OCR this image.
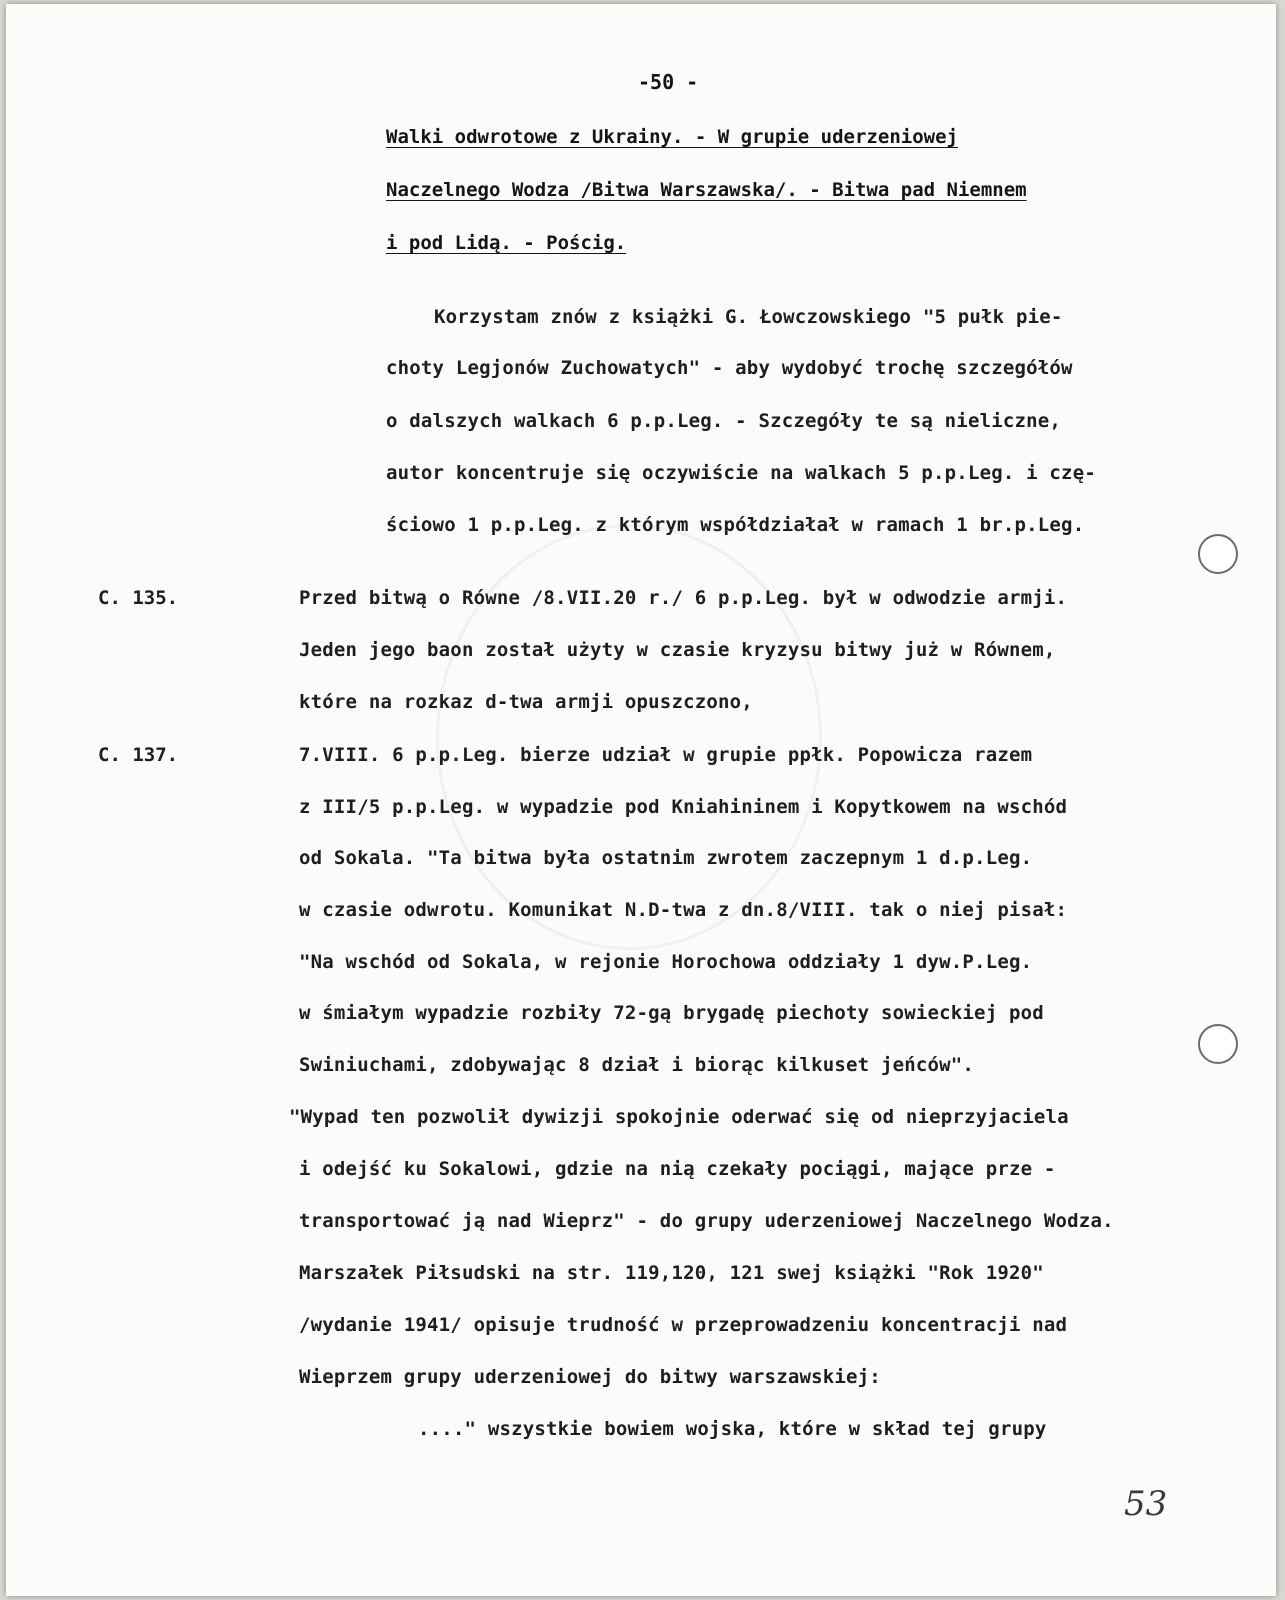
-50 -
Walki odwrotowe z Ukrainy. - W grupie uderzeniowej
Naczelnego Wodza /Bitwa Warszawska/. - Bitwa pad Niemnem
i pod Lidą. - Pościg.
Korzystam znów z książki G. Łowczowskiego "5 pułk pie-
choty Legjonów Zuchowatych" - aby wydobyć trochę szczegółów
o dalszych walkach 6 p.p.Leg. - Szczegóły te są nieliczne,
autor koncentruje się oczywiście na walkach 5 p.p.Leg. i czę-
ściowo 1 p.p.Leg. z którym współdziałał w ramach 1 br.p.Leg.
C. 135.	Przed bitwą o Równe /8.VII.20 r./ 6 p.p.Leg. był w odwodzie armji.
Jeden jego baon został użyty w czasie kryzysu bitwy już w Równem,
które na rozkaz d-twa armji opuszczono,
C. 137.	7.VIII. 6 p.p.Leg. bierze udział w grupie ppłk. Popowicza razem
z III/5 p.p.Leg. w wypadzie pod Kniahininem i Kopytkowem na wschód
od Sokala. "Ta bitwa była ostatnim zwrotem zaczepnym 1 d.p.Leg.
w czasie odwrotu. Komunikat N.D-twa z dn.8/VIII. tak o niej pisał:
"Na wschód od Sokala, w rejonie Horochowa oddziały 1 dyw.P.Leg.
w śmiałym wypadzie rozbiły 72-gą brygadę piechoty sowieckiej pod
Swiniuchami, zdobywając 8 dział i biorąc kilkuset jeńców".
"Wypad ten pozwolił dywizji spokojnie oderwać się od nieprzyjaciela
i odejść ku Sokalowi, gdzie na nią czekały pociągi, mające prze -
transportować ją nad Wieprz" - do grupy uderzeniowej Naczelnego Wodza.
Marszałek Piłsudski na str. 119,120, 121 swej książki "Rok 1920"
/wydanie 1941/ opisuje trudność w przeprowadzeniu koncentracji nad
Wieprzem grupy uderzeniowej do bitwy warszawskiej:
...." wszystkie bowiem wojska, które w skład tej grupy
53
